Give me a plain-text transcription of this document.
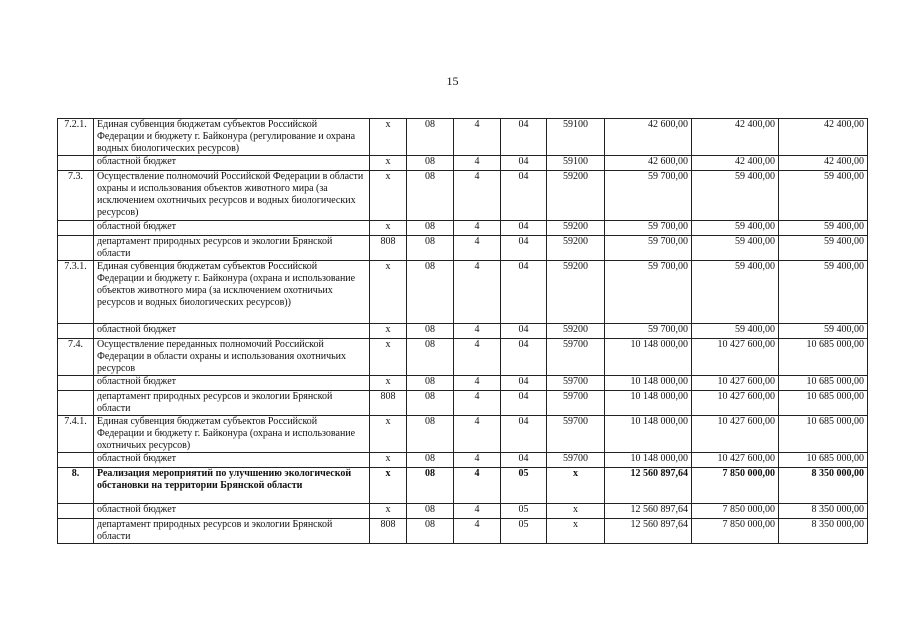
15
7.2.1.	Единая субвенция бюджетам субъектов Российской Федерации и бюджету г. Байконура (регулирование и охрана водных биологических ресурсов)	х	08	4	04	59100	42 600,00	42 400,00	42 400,00
	областной бюджет	х	08	4	04	59100	42 600,00	42 400,00	42 400,00
7.3.	Осуществление полномочий Российской Федерации в области охраны и использования объектов животного мира (за исключением охотничьих ресурсов и водных биологических ресурсов)	х	08	4	04	59200	59 700,00	59 400,00	59 400,00
	областной бюджет	х	08	4	04	59200	59 700,00	59 400,00	59 400,00
	департамент природных ресурсов и экологии Брянской области	808	08	4	04	59200	59 700,00	59 400,00	59 400,00
7.3.1.	Единая субвенция бюджетам субъектов Российской Федерации и бюджету г. Байконура (охрана и использование объектов животного мира (за исключением охотничьих ресурсов и водных биологических ресурсов))	х	08	4	04	59200	59 700,00	59 400,00	59 400,00
	областной бюджет	х	08	4	04	59200	59 700,00	59 400,00	59 400,00
7.4.	Осуществление переданных полномочий Российской Федерации в области охраны и использования охотничьих ресурсов	х	08	4	04	59700	10 148 000,00	10 427 600,00	10 685 000,00
	областной бюджет	х	08	4	04	59700	10 148 000,00	10 427 600,00	10 685 000,00
	департамент природных ресурсов и экологии Брянской области	808	08	4	04	59700	10 148 000,00	10 427 600,00	10 685 000,00
7.4.1.	Единая субвенция бюджетам субъектов Российской Федерации и бюджету г. Байконура (охрана и использование охотничьих ресурсов)	х	08	4	04	59700	10 148 000,00	10 427 600,00	10 685 000,00
	областной бюджет	х	08	4	04	59700	10 148 000,00	10 427 600,00	10 685 000,00
8.	Реализация мероприятий по улучшению экологической обстановки на территории Брянской области	х	08	4	05	х	12 560 897,64	7 850 000,00	8 350 000,00
	областной бюджет	х	08	4	05	х	12 560 897,64	7 850 000,00	8 350 000,00
	департамент природных ресурсов и экологии Брянской области	808	08	4	05	х	12 560 897,64	7 850 000,00	8 350 000,00
